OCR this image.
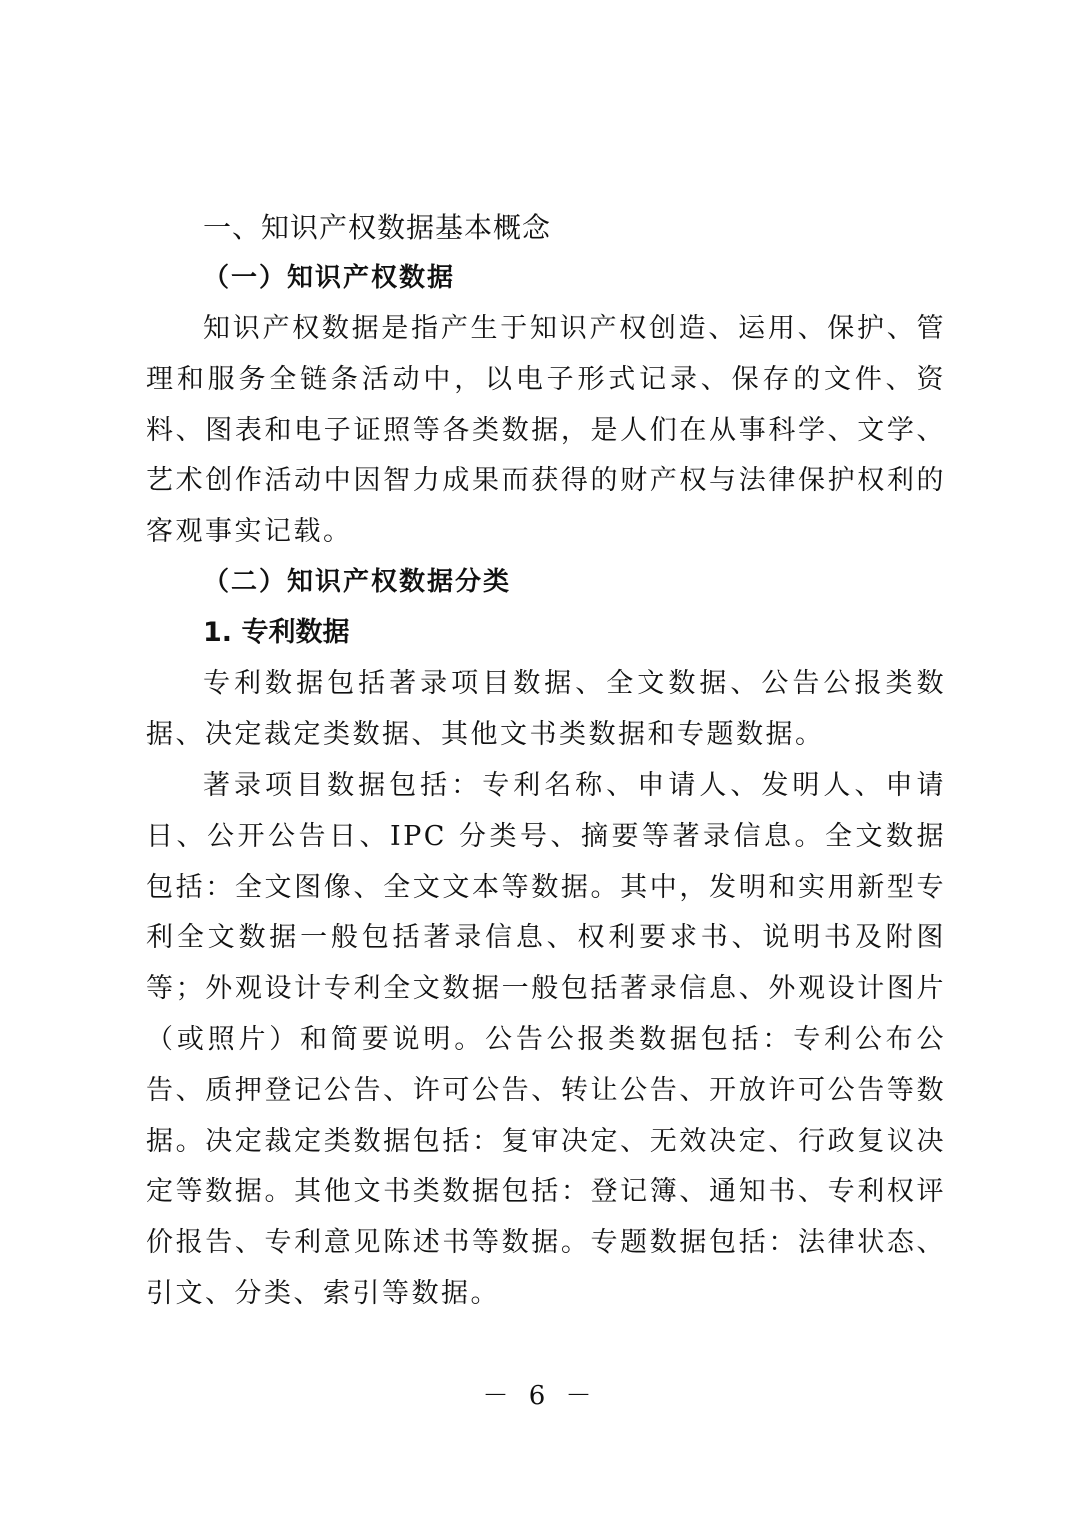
一、知识产权数据基本概念
（一）知识产权数据

知识产权数据是指产生于知识产权创造、运用、保护、管理和服务全链条活动中，以电子形式记录、保存的文件、资料、图表和电子证照等各类数据，是人们在从事科学、文学、艺术创作活动中因智力成果而获得的财产权与法律保护权利的客观事实记载。

（二）知识产权数据分类
1. 专利数据

专利数据包括著录项目数据、全文数据、公告公报类数据、决定裁定类数据、其他文书类数据和专题数据。

著录项目数据包括：专利名称、申请人、发明人、申请日、公开公告日、IPC 分类号、摘要等著录信息。全文数据包括：全文图像、全文文本等数据。其中，发明和实用新型专利全文数据一般包括著录信息、权利要求书、说明书及附图等；外观设计专利全文数据一般包括著录信息、外观设计图片（或照片）和简要说明。公告公报类数据包括：专利公布公告、质押登记公告、许可公告、转让公告、开放许可公告等数据。决定裁定类数据包括：复审决定、无效决定、行政复议决定等数据。其他文书类数据包括：登记簿、通知书、专利权评价报告、专利意见陈述书等数据。专题数据包括：法律状态、引文、分类、索引等数据。

－ 6 －
